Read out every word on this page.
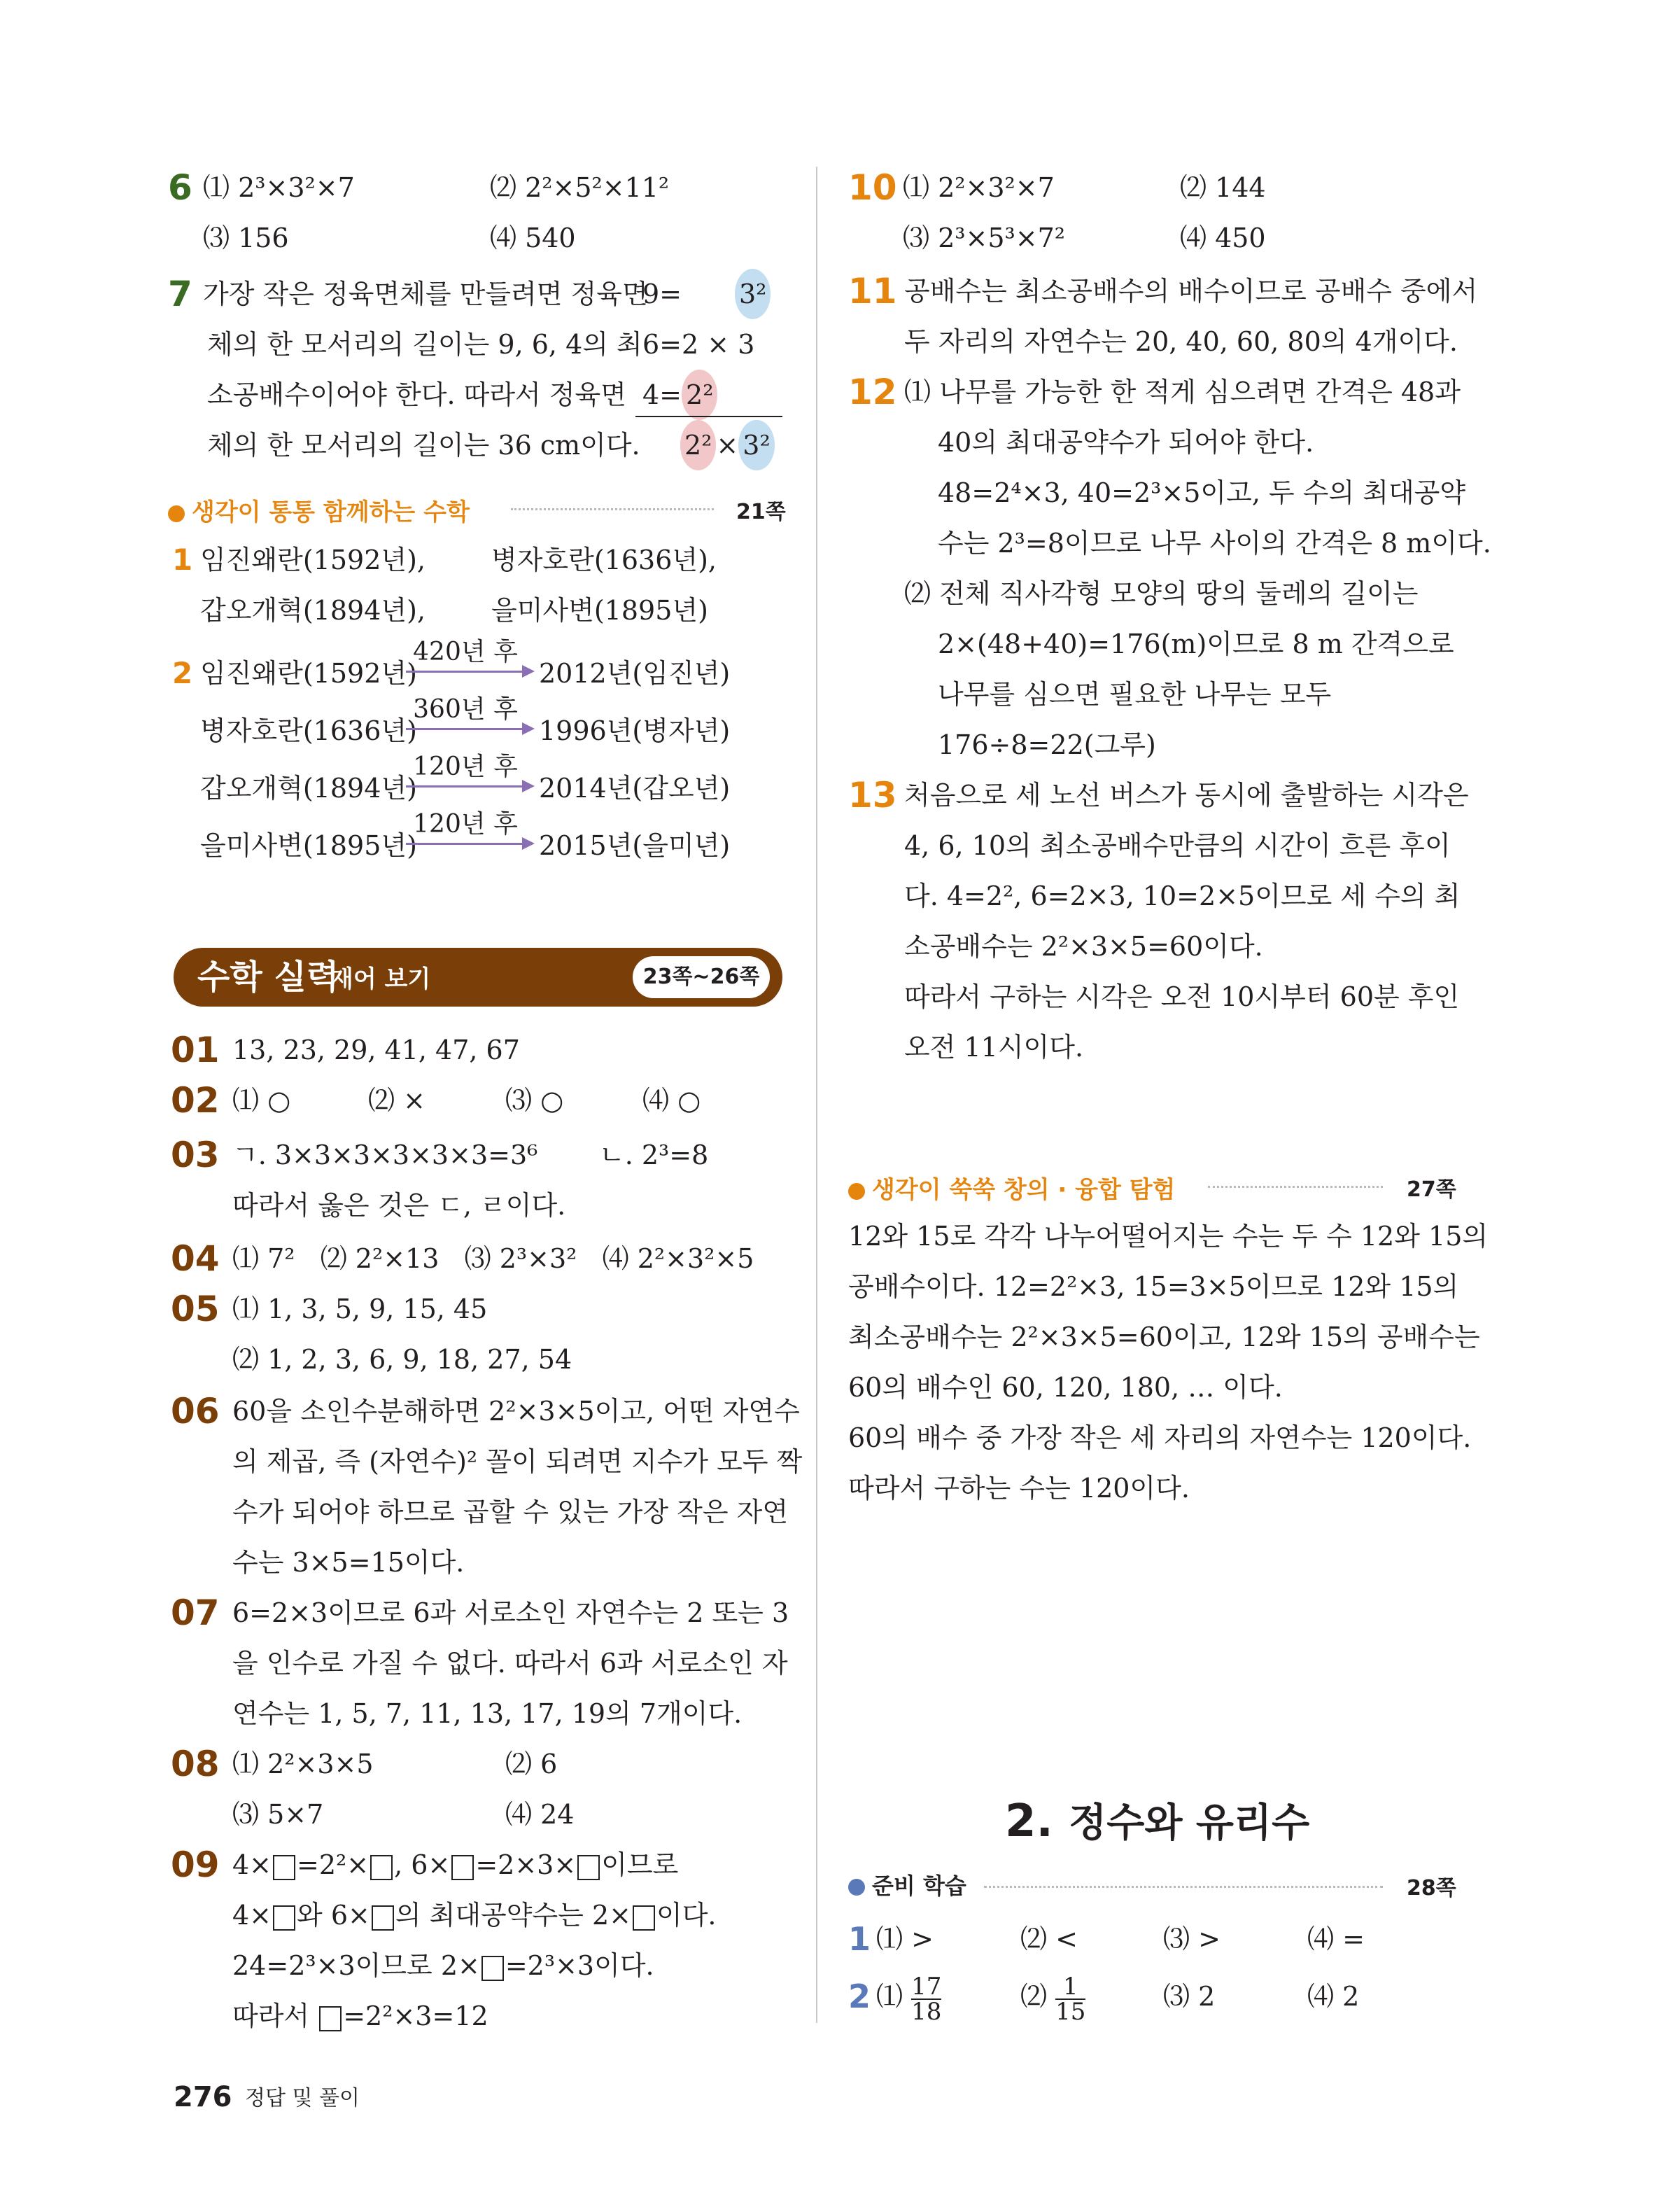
6 ⑴ 2³×3²×7	⑵ 2²×5²×11²
⑶ 156	⑷ 540
7 가장 작은 정육면체를 만들려면 정육면
체의 한 모서리의 길이는 9, 6, 4의 최
소공배수이어야 한다. 따라서 정육면
체의 한 모서리의 길이는 36 cm이다.
9= 3²
6=2 × 3
4= 2²
2² × 3²
생각이 통통 함께하는 수학	21쪽
1 임진왜란(1592년), 병자호란(1636년),
갑오개혁(1894년), 을미사변(1895년)
2 임진왜란(1592년)
420년 후
2012년(임진년)
병자호란(1636년)
360년 후
1996년(병자년)
갑오개혁(1894년)
120년 후
2014년(갑오년)
을미사변(1895년)
120년 후
2015년(을미년)
수학 실력
재어 보기	23쪽~26쪽
01 13, 23, 29, 41, 47, 67
02 ⑴ ○	⑵ ×	⑶ ○	⑷ ○
03 ㄱ. 3×3×3×3×3×3=3⁶ ㄴ. 2³=8
따라서 옳은 것은 ㄷ, ㄹ이다.
04 ⑴ 7²   ⑵ 2²×13   ⑶ 2³×3²   ⑷ 2²×3²×5
05 ⑴ 1, 3, 5, 9, 15, 45
⑵ 1, 2, 3, 6, 9, 18, 27, 54
06 60을 소인수분해하면 2²×3×5이고, 어떤 자연수
의 제곱, 즉 (자연수)² 꼴이 되려면 지수가 모두 짝
수가 되어야 하므로 곱할 수 있는 가장 작은 자연
수는 3×5=15이다.
07 6=2×3이므로 6과 서로소인 자연수는 2 또는 3
을 인수로 가질 수 없다. 따라서 6과 서로소인 자
연수는 1, 5, 7, 11, 13, 17, 19의 7개이다.
08 ⑴ 2²×3×5	⑵ 6
⑶ 5×7	⑷ 24
09 4× =2²× , 6× =2×3× 이므로
4× 와 6× 의 최대공약수는 2× 이다.
24=2³×3이므로 2× =2³×3이다.
따라서 =2²×3=12
10 ⑴ 2²×3²×7	⑵ 144
⑶ 2³×5³×7²	⑷ 450
11 공배수는 최소공배수의 배수이므로 공배수 중에서
두 자리의 자연수는 20, 40, 60, 80의 4개이다.
12 ⑴ 나무를 가능한 한 적게 심으려면 간격은 48과
40의 최대공약수가 되어야 한다.
48=2⁴×3, 40=2³×5이고, 두 수의 최대공약
수는 2³=8이므로 나무 사이의 간격은 8 m이다.
⑵ 전체 직사각형 모양의 땅의 둘레의 길이는
2×(48+40)=176(m)이므로 8 m 간격으로
나무를 심으면 필요한 나무는 모두
176÷8=22(그루)
13 처음으로 세 노선 버스가 동시에 출발하는 시각은
4, 6, 10의 최소공배수만큼의 시간이 흐른 후이
다. 4=2², 6=2×3, 10=2×5이므로 세 수의 최
소공배수는 2²×3×5=60이다.
따라서 구하는 시각은 오전 10시부터 60분 후인
오전 11시이다.
생각이 쑥쑥 창의 · 융합 탐험	27쪽
12와 15로 각각 나누어떨어지는 수는 두 수 12와 15의
공배수이다. 12=2²×3, 15=3×5이므로 12와 15의
최소공배수는 2²×3×5=60이고, 12와 15의 공배수는
60의 배수인 60, 120, 180, … 이다.
60의 배수 중 가장 작은 세 자리의 자연수는 120이다.
따라서 구하는 수는 120이다.
2. 정수와 유리수
준비 학습	28쪽
1 ⑴ >	⑵ <	⑶ >	⑷ =
2 ⑴ $\frac{17}{18}$	⑵ $\frac{1}{15}$	⑶ 2	⑷ 2
276 정답 및 풀이
